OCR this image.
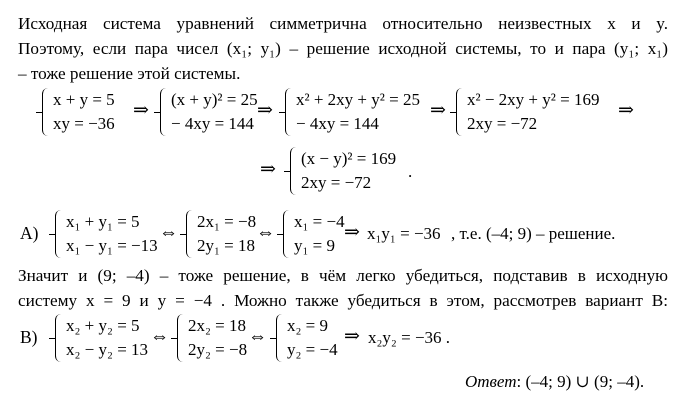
Исходная система уравнений симметрична относительно неизвестных x и y.
Поэтому, если пара чисел (x₁; y₁) – решение исходной системы, то и пара (y₁; x₁)
– тоже решение этой системы.
x + y = 5
xy = −36
⇒
(x + y)² = 25
− 4xy = 144
⇒
x² + 2xy + y² = 25
− 4xy = 144
⇒
x² − 2xy + y² = 169
2xy = −72
⇒
⇒
(x − y)² = 169
2xy = −72
.
А)
x₁ + y₁ = 5
x₁ − y₁ = −13
⇔
2x₁ = −8
2y₁ = 18
⇔
x₁ = −4
y₁ = 9
⇒ x₁y₁ = −36 , т.е. (–4; 9) – решение.
Значит и (9; –4) – тоже решение, в чём легко убедиться, подставив в исходную
систему x = 9 и y = −4 . Можно также убедиться в этом, рассмотрев вариант В:
В)
x₂ + y₂ = 5
x₂ − y₂ = 13
⇔
2x₂ = 18
2y₂ = −8
⇔
x₂ = 9
y₂ = −4
⇒ x₂y₂ = −36 .
Ответ: (–4; 9) ∪ (9; –4).
